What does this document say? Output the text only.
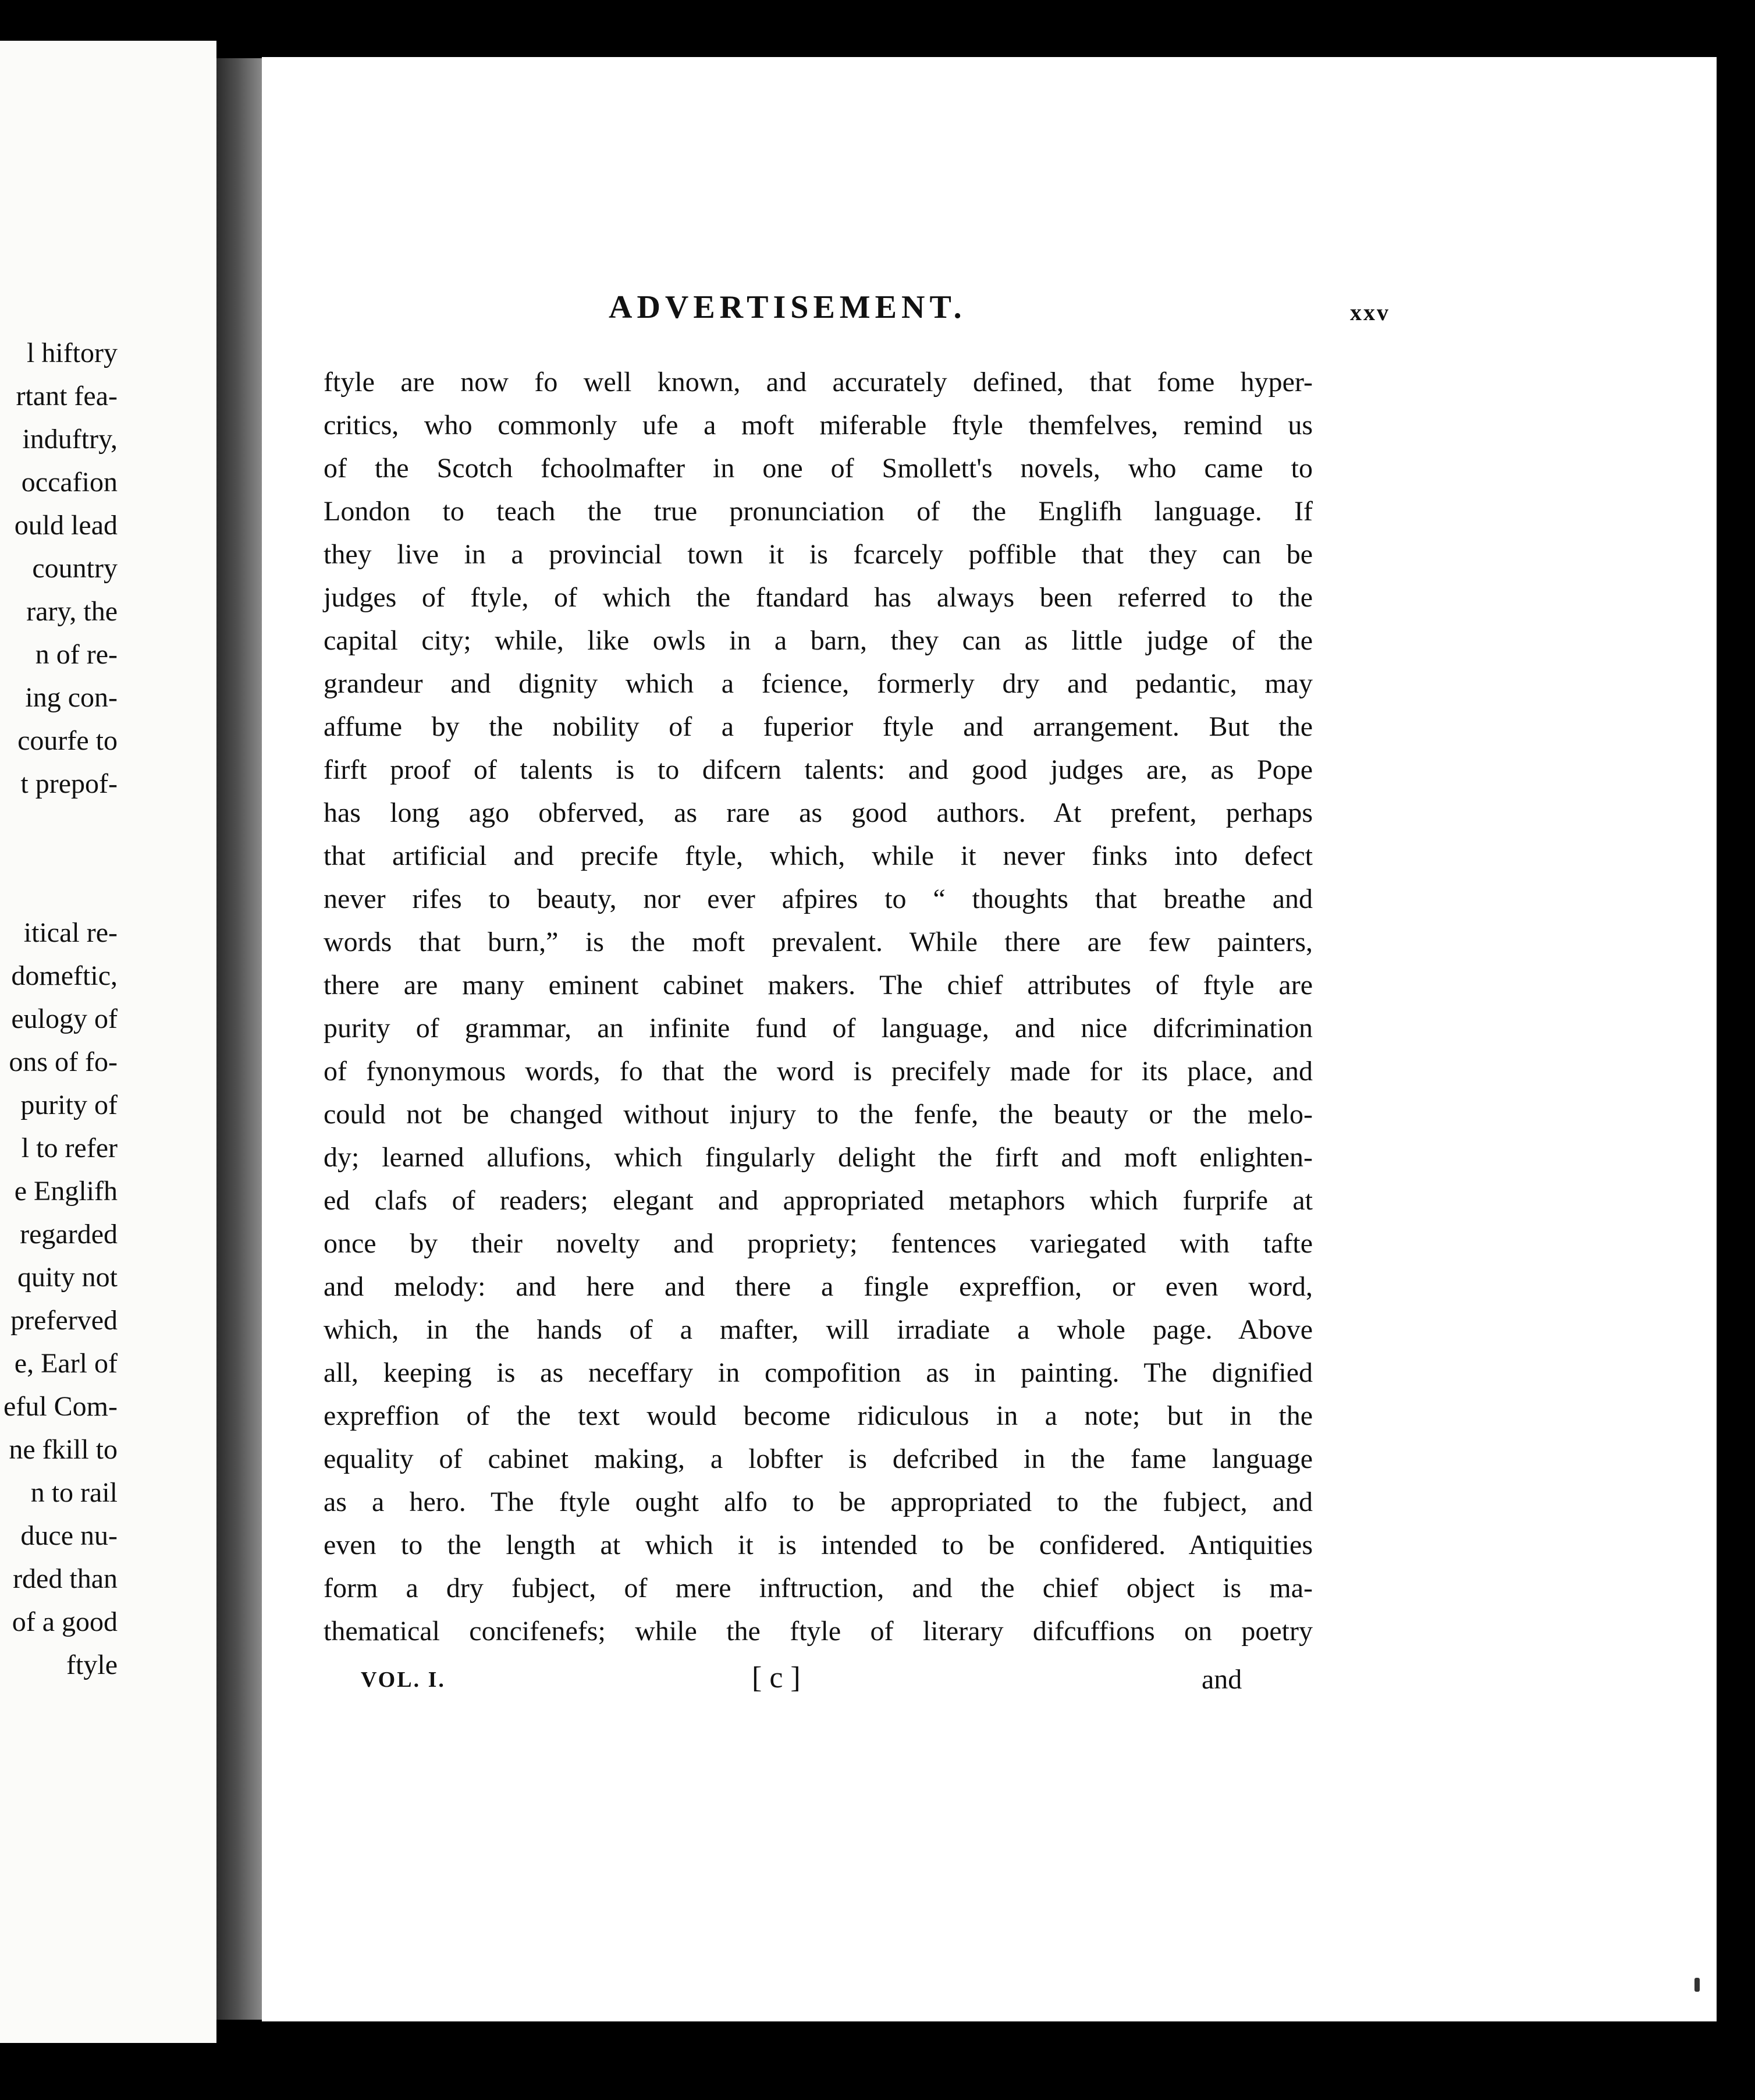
l hiftory
rtant fea-
induftry,
occafion
ould lead
country
rary, the
n of re-
ing con-
courfe to
t prepof-
itical re-
domeftic,
eulogy of
ons of fo-
purity of
l to refer
e Englifh
regarded
quity not
preferved
e, Earl of
eful Com-
ne fkill to
n to rail
duce nu-
rded than
of a good
ftyle
ADVERTISEMENT.	xxv
ftyle are now fo well known, and accurately defined, that fome hyper-
critics, who commonly ufe a moft miferable ftyle themfelves, remind us
of the Scotch fchoolmafter in one of Smollett's novels, who came to
London to teach the true pronunciation of the Englifh language. If
they live in a provincial town it is fcarcely poffible that they can be
judges of ftyle, of which the ftandard has always been referred to the
capital city; while, like owls in a barn, they can as little judge of the
grandeur and dignity which a fcience, formerly dry and pedantic, may
affume by the nobility of a fuperior ftyle and arrangement. But the
firft proof of talents is to difcern talents: and good judges are, as Pope
has long ago obferved, as rare as good authors. At prefent, perhaps
that artificial and precife ftyle, which, while it never finks into defect
never rifes to beauty, nor ever afpires to “ thoughts that breathe and
words that burn,” is the moft prevalent. While there are few painters,
there are many eminent cabinet makers. The chief attributes of ftyle are
purity of grammar, an infinite fund of language, and nice difcrimination
of fynonymous words, fo that the word is precifely made for its place, and
could not be changed without injury to the fenfe, the beauty or the melo-
dy; learned allufions, which fingularly delight the firft and moft enlighten-
ed clafs of readers; elegant and appropriated metaphors which furprife at
once by their novelty and propriety; fentences variegated with tafte
and melody: and here and there a fingle expreffion, or even word,
which, in the hands of a mafter, will irradiate a whole page. Above
all, keeping is as neceffary in compofition as in painting. The dignified
expreffion of the text would become ridiculous in a note; but in the
equality of cabinet making, a lobfter is defcribed in the fame language
as a hero. The ftyle ought alfo to be appropriated to the fubject, and
even to the length at which it is intended to be confidered. Antiquities
form a dry fubject, of mere inftruction, and the chief object is ma-
thematical concifenefs; while the ftyle of literary difcuffions on poetry
VOL. I.	[ c ]	and
